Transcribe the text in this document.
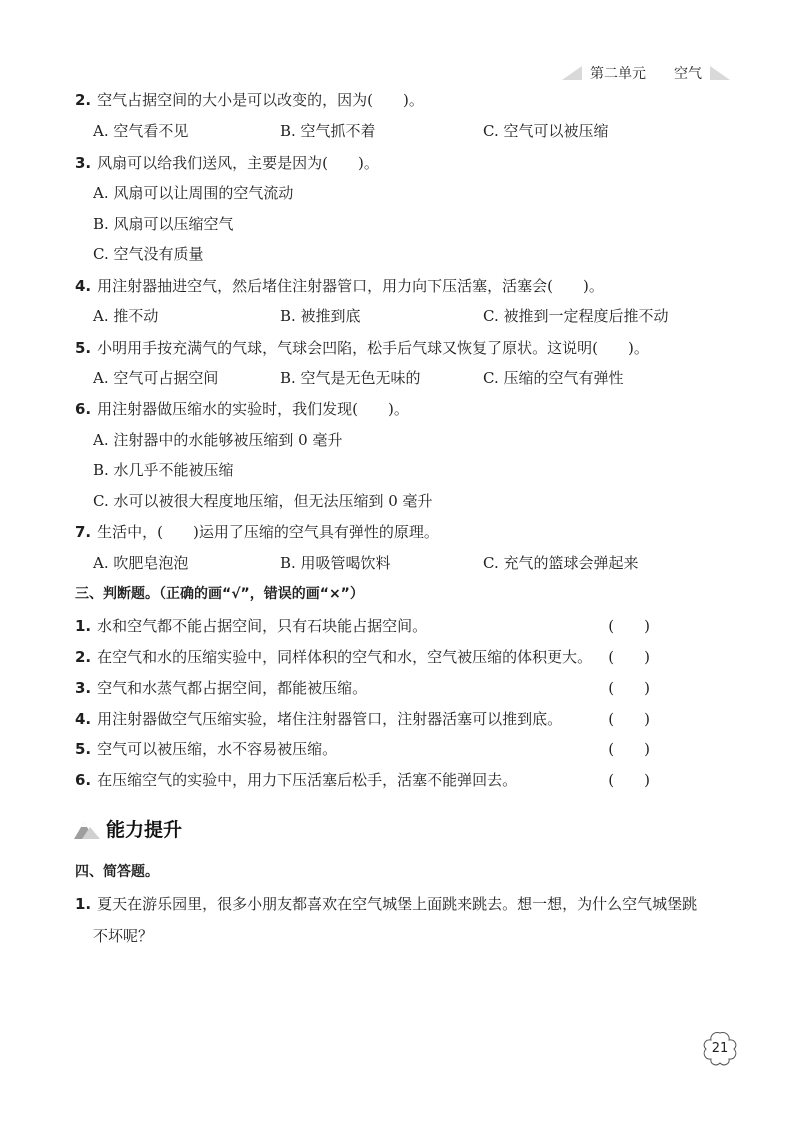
第二单元 空气
2. 空气占据空间的大小是可以改变的，因为(　　)。
A. 空气看不见	B. 空气抓不着	C. 空气可以被压缩
3. 风扇可以给我们送风，主要是因为(　　)。
A. 风扇可以让周围的空气流动
B. 风扇可以压缩空气
C. 空气没有质量
4. 用注射器抽进空气，然后堵住注射器管口，用力向下压活塞，活塞会(　　)。
A. 推不动	B. 被推到底	C. 被推到一定程度后推不动
5. 小明用手按充满气的气球，气球会凹陷，松手后气球又恢复了原状。这说明(　　)。
A. 空气可占据空间	B. 空气是无色无味的	C. 压缩的空气有弹性
6. 用注射器做压缩水的实验时，我们发现(　　)。
A. 注射器中的水能够被压缩到 0 毫升
B. 水几乎不能被压缩
C. 水可以被很大程度地压缩，但无法压缩到 0 毫升
7. 生活中，(　　)运用了压缩的空气具有弹性的原理。
A. 吹肥皂泡泡	B. 用吸管喝饮料	C. 充气的篮球会弹起来
三、判断题。（正确的画“√”，错误的画“×”）
1. 水和空气都不能占据空间，只有石块能占据空间。	(　　)
2. 在空气和水的压缩实验中，同样体积的空气和水，空气被压缩的体积更大。 (　　)
3. 空气和水蒸气都占据空间，都能被压缩。	(　　)
4. 用注射器做空气压缩实验，堵住注射器管口，注射器活塞可以推到底。	(　　)
5. 空气可以被压缩，水不容易被压缩。	(　　)
6. 在压缩空气的实验中，用力下压活塞后松手，活塞不能弹回去。	(　　)
能力提升
四、简答题。
1. 夏天在游乐园里，很多小朋友都喜欢在空气城堡上面跳来跳去。想一想，为什么空气城堡跳
不坏呢？
21
